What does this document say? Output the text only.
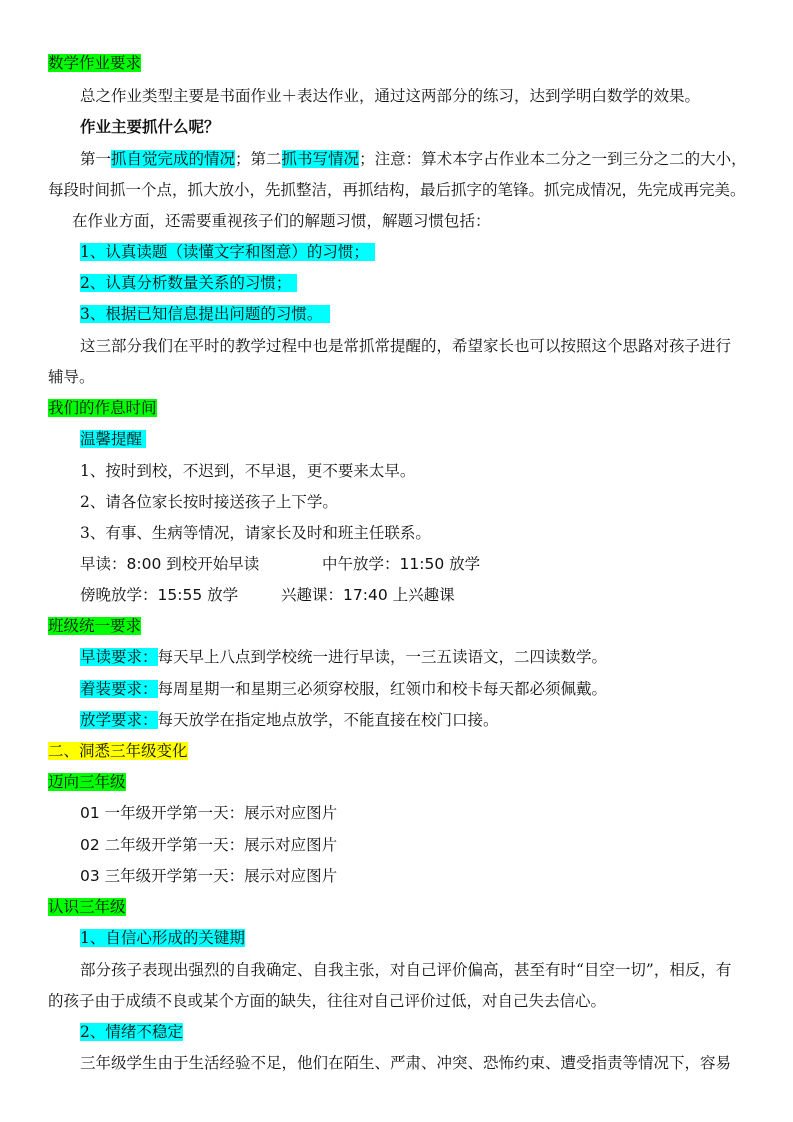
数学作业要求
总之作业类型主要是书面作业＋表达作业，通过这两部分的练习，达到学明白数学的效果。
作业主要抓什么呢？
第一抓自觉完成的情况；第二抓书写情况；注意：算术本字占作业本二分之一到三分之二的大小，
每段时间抓一个点，抓大放小，先抓整洁，再抓结构，最后抓字的笔锋。抓完成情况，先完成再完美。
在作业方面，还需要重视孩子们的解题习惯，解题习惯包括：
1、认真读题（读懂文字和图意）的习惯；
2、认真分析数量关系的习惯；
3、根据已知信息提出问题的习惯。
这三部分我们在平时的教学过程中也是常抓常提醒的，希望家长也可以按照这个思路对孩子进行
辅导。
我们的作息时间
温馨提醒
1、按时到校，不迟到，不早退，更不要来太早。
2、请各位家长按时接送孩子上下学。
3、有事、生病等情况，请家长及时和班主任联系。
早读：8:00 到校开始早读	中午放学：11:50 放学
傍晚放学：15:55 放学	兴趣课：17:40 上兴趣课
班级统一要求
早读要求：每天早上八点到学校统一进行早读，一三五读语文，二四读数学。
着装要求：每周星期一和星期三必须穿校服，红领巾和校卡每天都必须佩戴。
放学要求：每天放学在指定地点放学，不能直接在校门口接。
二、洞悉三年级变化
迈向三年级
01 一年级开学第一天：展示对应图片
02 二年级开学第一天：展示对应图片
03 三年级开学第一天：展示对应图片
认识三年级
1、自信心形成的关键期
部分孩子表现出强烈的自我确定、自我主张，对自己评价偏高，甚至有时“目空一切”，相反，有
的孩子由于成绩不良或某个方面的缺失，往往对自己评价过低，对自己失去信心。
2、情绪不稳定
三年级学生由于生活经验不足，他们在陌生、严肃、冲突、恐怖约束、遭受指责等情况下，容易
